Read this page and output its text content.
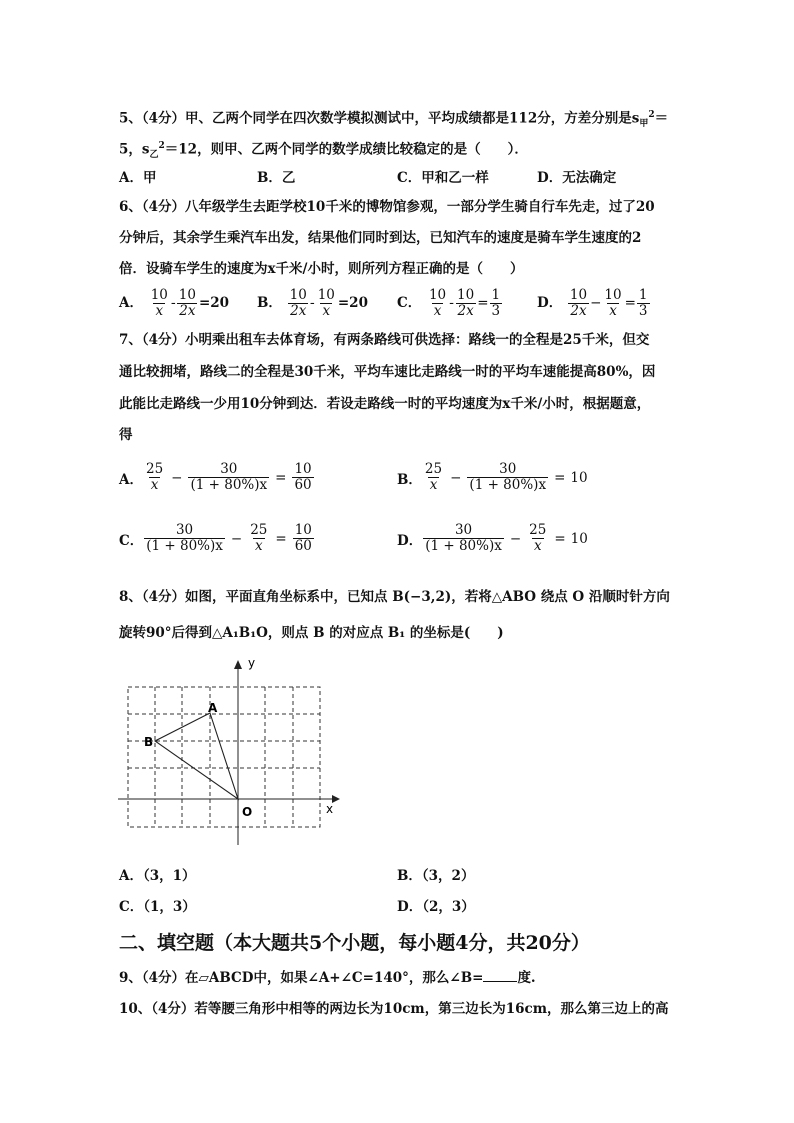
5、（4分）甲、乙两个同学在四次数学模拟测试中，平均成绩都是112分，方差分别是$s_甲^2=$
5，$s_乙^2=12$，则甲、乙两个同学的数学成绩比较稳定的是（　　）．
A．甲	B．乙	C．甲和乙一样	D．无法确定
6、（4分）八年级学生去距学校10千米的博物馆参观，一部分学生骑自行车先走，过了20
分钟后，其余学生乘汽车出发，结果他们同时到达，已知汽车的速度是骑车学生速度的2
倍．设骑车学生的速度为x千米/小时，则所列方程正确的是（　　）
A． $\frac{10}{x} - \frac{10}{2x} =20$ B． $\frac{10}{2x} - \frac{10}{x} =20$ C． $\frac{10}{x} - \frac{10}{2x} = \frac{1}{3}$	D． $\frac{10}{2x} - \frac{10}{x} = \frac{1}{3}$
7、（4分）小明乘出租车去体育场，有两条路线可供选择：路线一的全程是25千米，但交
通比较拥堵，路线二的全程是30千米，平均车速比走路线一时的平均车速能提高80%，因
此能比走路线一少用10分钟到达．若设走路线一时的平均速度为x千米/小时，根据题意，
得
A． $\frac{25}{x} - \frac{30}{(1 + 80\%)x} = \frac{10}{60}$	B． $\frac{25}{x} - \frac{30}{(1 + 80\%)x} = 10$
C． $\frac{30}{(1 + 80\%)x} - \frac{25}{x} = \frac{10}{60}$	D． $\frac{30}{(1 + 80\%)x} - \frac{25}{x} = 10$
8、（4分）如图，平面直角坐标系中，已知点 B(−3,2)，若将△ABO 绕点 O 沿顺时针方向
旋转90°后得到△A₁B₁O，则点 B 的对应点 B₁ 的坐标是(　　)
y
x
O
A
B
A．（3，1）	B．（3，2）
C．（1，3）	D．（2，3）
二、填空题（本大题共5个小题，每小题4分，共20分）
9、（4分）在▱ABCD中，如果∠A+∠C=140°，那么∠B=	度.
10、（4分）若等腰三角形中相等的两边长为10cm，第三边长为16cm，那么第三边上的高
